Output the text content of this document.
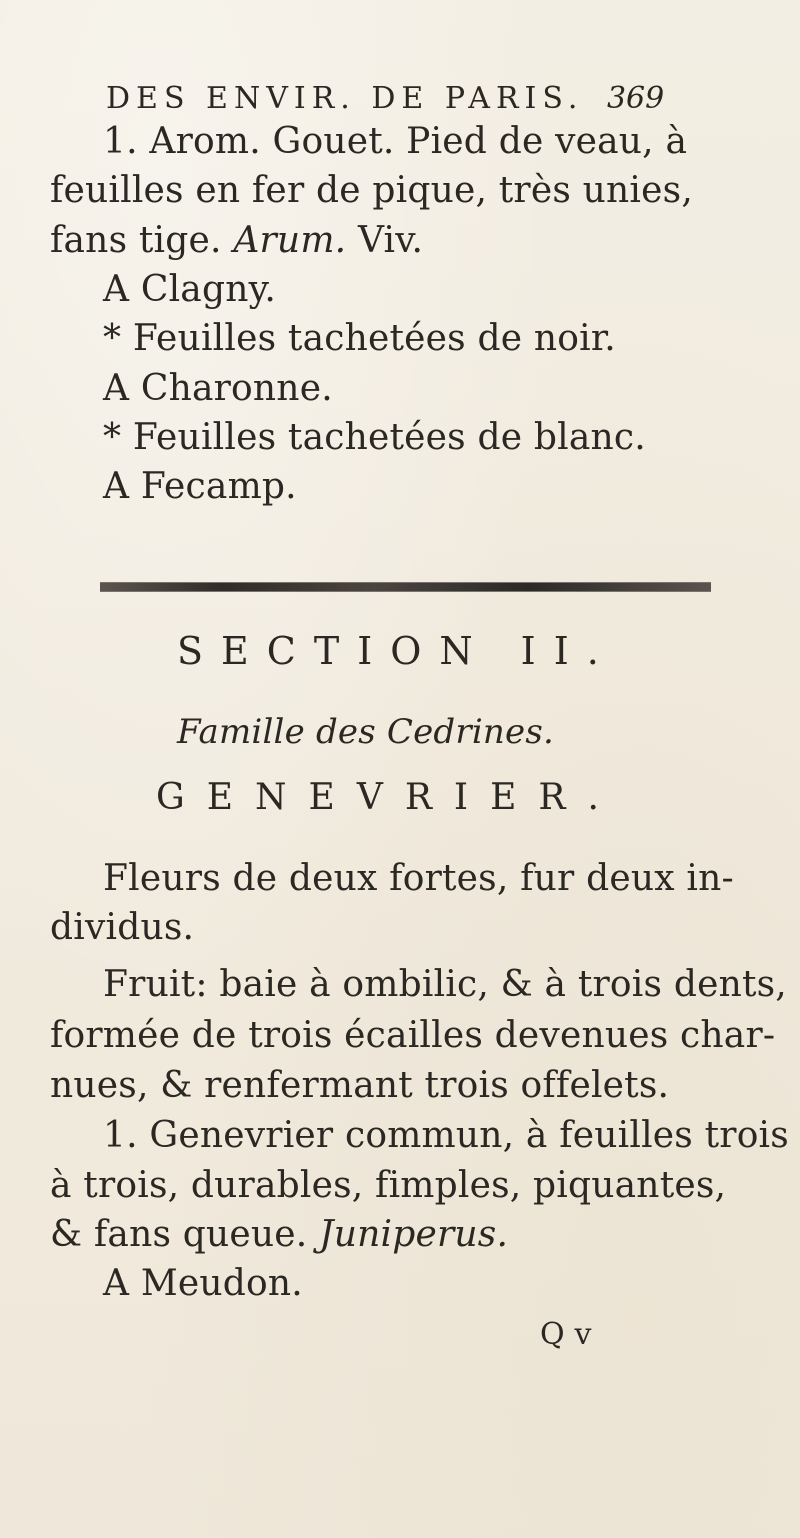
DES ENVIR. DE PARIS. 369
1. Arom. Gouet. Pied de veau, à
feuilles en fer de pique, très unies,
fans tige. Arum. Viv.
A Clagny.
* Feuilles tachetées de noir.
A Charonne.
* Feuilles tachetées de blanc.
A Fecamp.
SECTION II.
Famille des Cedrines.
GENEVRIER.
Fleurs de deux fortes, fur deux in-
dividus.
Fruit: baie à ombilic, & à trois dents,
formée de trois écailles devenues char-
nues, & renfermant trois offelets.
1. Genevrier commun, à feuilles trois
à trois, durables, fimples, piquantes,
& fans queue. Juniperus.
A Meudon.
Q v
